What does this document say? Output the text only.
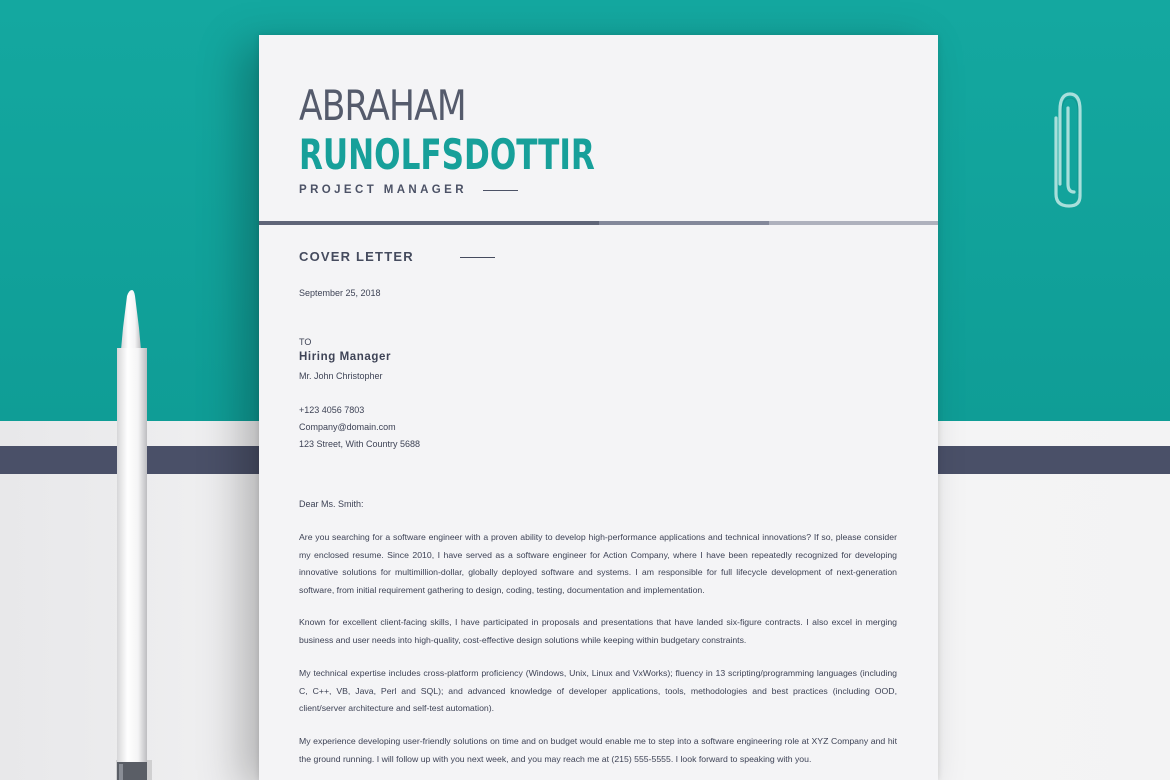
ABRAHAM
RUNOLFSDOTTIR
PROJECT MANAGER
COVER LETTER
September 25, 2018
TO
Hiring Manager
Mr. John Christopher
+123 4056 7803
Company@domain.com
123 Street, With Country 5688
Dear Ms. Smith:

Are you searching for a software engineer with a proven ability to develop high-performance applications and technical innovations? If so, please consider my enclosed resume. Since 2010, I have served as a software engineer for Action Company, where I have been repeatedly recognized for developing innovative solutions for multimillion-dollar, globally deployed software and systems. I am responsible for full lifecycle development of next-generation software, from initial requirement gathering to design, coding, testing, documentation and implementation.

Known for excellent client-facing skills, I have participated in proposals and presentations that have landed six-figure contracts. I also excel in merging business and user needs into high-quality, cost-effective design solutions while keeping within budgetary constraints.

My technical expertise includes cross-platform proficiency (Windows, Unix, Linux and VxWorks); fluency in 13 scripting/programming languages (including C, C++, VB, Java, Perl and SQL); and advanced knowledge of developer applications, tools, methodologies and best practices (including OOD, client/server architecture and self-test automation).

My experience developing user-friendly solutions on time and on budget would enable me to step into a software engineering role at XYZ Company and hit the ground running. I will follow up with you next week, and you may reach me at (215) 555-5555. I look forward to speaking with you.
